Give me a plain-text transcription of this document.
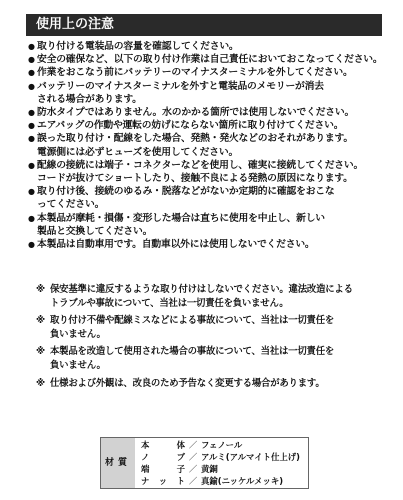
使用上の注意
● 取り付ける電装品の容量を確認してください。
● 安全の確保など、以下の取り付け作業は自己責任においておこなってください。
● 作業をおこなう前にバッテリーのマイナスターミナルを外してください。
● バッテリーのマイナスターミナルを外すと電装品のメモリーが消去
される場合があります。
● 防水タイプではありません。水のかかる箇所では使用しないでください。
● エアバッグの作動や運転の妨げにならない箇所に取り付けてください。
● 誤った取り付け・配線をした場合、発熱・発火などのおそれがあります。
電源側には必ずヒューズを使用してください。
● 配線の接続には端子・コネクターなどを使用し、確実に接続してください。
コードが抜けてショートしたり、接触不良による発熱の原因になります。
● 取り付け後、接続のゆるみ・脱落などがないか定期的に確認をおこな
ってください。
● 本製品が摩耗・損傷・変形した場合は直ちに使用を中止し、新しい
製品と交換してください。
● 本製品は自動車用です。自動車以外には使用しないでください。
※ 保安基準に違反するような取り付けはしないでください。違法改造による
トラブルや事故について、当社は一切責任を負いません。
※ 取り付け不備や配線ミスなどによる事故について、当社は一切責任を
負いません。
※ 本製品を改造して使用された場合の事故について、当社は一切責任を
負いません。
※ 仕様および外観は、改良のため予告なく変更する場合があります。
材質
本体 ／ フェノール
ノブ ／ アルミ(アルマイト仕上げ)
端子 ／ 黄銅
ナット ／ 真鍮(ニッケルメッキ)
